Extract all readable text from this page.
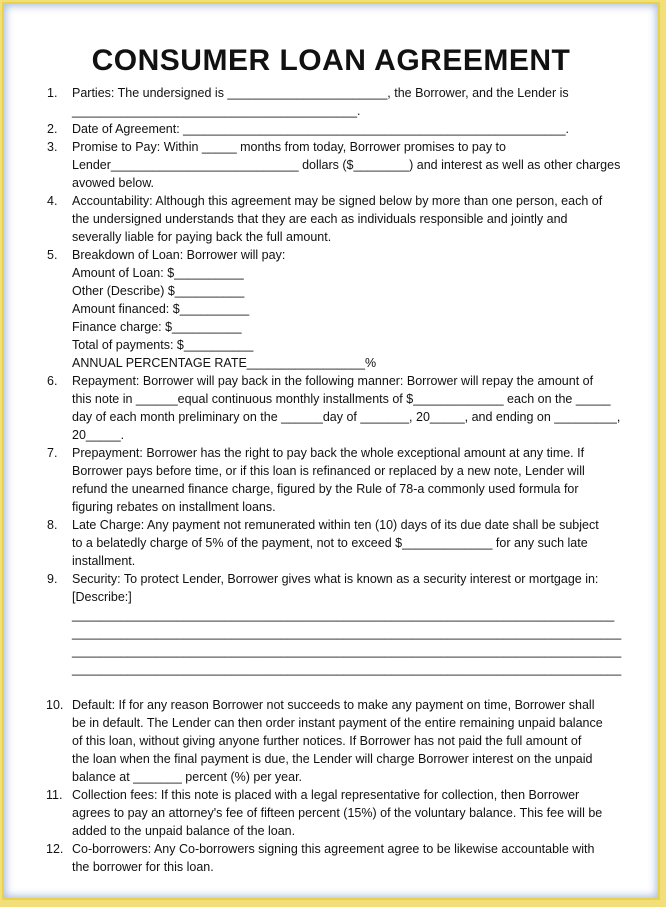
CONSUMER LOAN AGREEMENT
1.	Parties: The undersigned is _______________________, the Borrower, and the Lender is
_________________________________________.
2.	Date of Agreement: _______________________________________________________.
3.	Promise to Pay: Within _____ months from today, Borrower promises to pay to
Lender___________________________ dollars ($________) and interest as well as other charges
avowed below.
4.	Accountability: Although this agreement may be signed below by more than one person, each of
the undersigned understands that they are each as individuals responsible and jointly and
severally liable for paying back the full amount.
5.	Breakdown of Loan: Borrower will pay:
Amount of Loan: $__________
Other (Describe) $__________
Amount financed: $__________
Finance charge: $__________
Total of payments: $__________
ANNUAL PERCENTAGE RATE_________________%
6.	Repayment: Borrower will pay back in the following manner: Borrower will repay the amount of
this note in ______equal continuous monthly installments of $_____________ each on the _____
day of each month preliminary on the ______day of _______, 20_____, and ending on _________,
20_____.
7.	Prepayment: Borrower has the right to pay back the whole exceptional amount at any time. If
Borrower pays before time, or if this loan is refinanced or replaced by a new note, Lender will
refund the unearned finance charge, figured by the Rule of 78-a commonly used formula for
figuring rebates on installment loans.
8.	Late Charge: Any payment not remunerated within ten (10) days of its due date shall be subject
to a belatedly charge of 5% of the payment, not to exceed $_____________ for any such late
installment.
9.	Security: To protect Lender, Borrower gives what is known as a security interest or mortgage in:
[Describe:]
______________________________________________________________________________
_______________________________________________________________________________
_______________________________________________________________________________
_______________________________________________________________________________
10. Default: If for any reason Borrower not succeeds to make any payment on time, Borrower shall
be in default. The Lender can then order instant payment of the entire remaining unpaid balance
of this loan, without giving anyone further notices. If Borrower has not paid the full amount of
the loan when the final payment is due, the Lender will charge Borrower interest on the unpaid
balance at _______ percent (%) per year.
11. Collection fees: If this note is placed with a legal representative for collection, then Borrower
agrees to pay an attorney's fee of fifteen percent (15%) of the voluntary balance. This fee will be
added to the unpaid balance of the loan.
12. Co-borrowers: Any Co-borrowers signing this agreement agree to be likewise accountable with
the borrower for this loan.
